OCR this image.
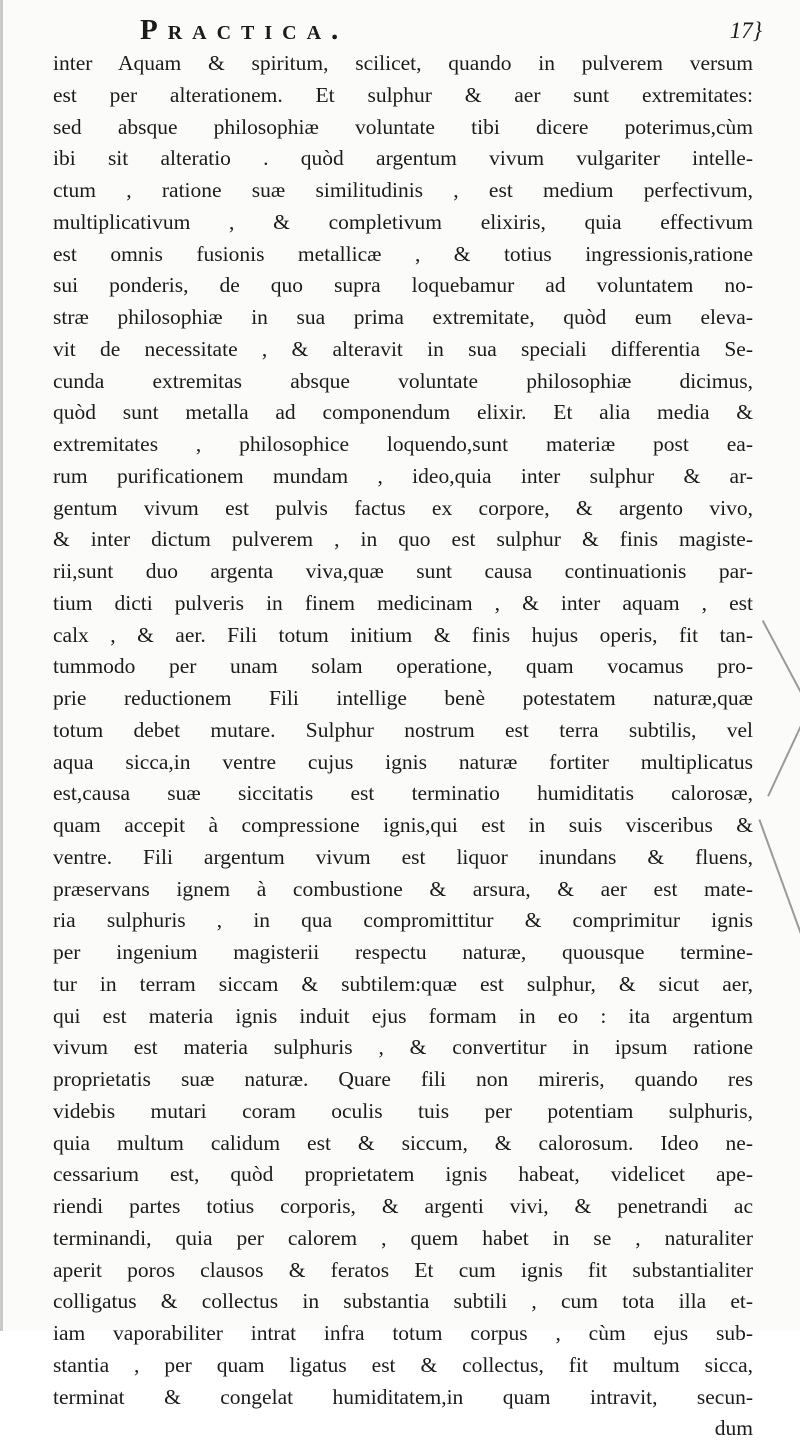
Practica.	17}
inter Aquam & spiritum, scilicet, quando in pulverem versum
est per alterationem. Et sulphur & aer sunt extremitates:
sed absque philosophiæ voluntate tibi dicere poterimus,cùm
ibi sit alteratio . quòd argentum vivum vulgariter intelle-
ctum , ratione suæ similitudinis , est medium perfectivum,
multiplicativum , & completivum elixiris, quia effectivum
est omnis fusionis metallicæ , & totius ingressionis,ratione
sui ponderis, de quo supra loquebamur ad voluntatem no-
stræ philosophiæ in sua prima extremitate, quòd eum eleva-
vit de necessitate , & alteravit in sua speciali differentia Se-
cunda extremitas absque voluntate philosophiæ dicimus,
quòd sunt metalla ad componendum elixir. Et alia media &
extremitates , philosophice loquendo,sunt materiæ post ea-
rum purificationem mundam , ideo,quia inter sulphur & ar-
gentum vivum est pulvis factus ex corpore, & argento vivo,
& inter dictum pulverem , in quo est sulphur & finis magiste-
rii,sunt duo argenta viva,quæ sunt causa continuationis par-
tium dicti pulveris in finem medicinam , & inter aquam , est
calx , & aer. Fili totum initium & finis hujus operis, fit tan-
tummodo per unam solam operatione, quam vocamus pro-
prie reductionem Fili intellige benè potestatem naturæ,quæ
totum debet mutare. Sulphur nostrum est terra subtilis, vel
aqua sicca,in ventre cujus ignis naturæ fortiter multiplicatus
est,causa suæ siccitatis est terminatio humiditatis calorosæ,
quam accepit à compressione ignis,qui est in suis visceribus &
ventre. Fili argentum vivum est liquor inundans & fluens,
præservans ignem à combustione & arsura, & aer est mate-
ria sulphuris , in qua compromittitur & comprimitur ignis
per ingenium magisterii respectu naturæ, quousque termine-
tur in terram siccam & subtilem:quæ est sulphur, & sicut aer,
qui est materia ignis induit ejus formam in eo : ita argentum
vivum est materia sulphuris , & convertitur in ipsum ratione
proprietatis suæ naturæ. Quare fili non mireris, quando res
videbis mutari coram oculis tuis per potentiam sulphuris,
quia multum calidum est & siccum, & calorosum. Ideo ne-
cessarium est, quòd proprietatem ignis habeat, videlicet ape-
riendi partes totius corporis, & argenti vivi, & penetrandi ac
terminandi, quia per calorem , quem habet in se , naturaliter
aperit poros clausos & feratos Et cum ignis fit substantialiter
colligatus & collectus in substantia subtili , cum tota illa et-
iam vaporabiliter intrat infra totum corpus , cùm ejus sub-
stantia , per quam ligatus est & collectus, fit multum sicca,
terminat & congelat humiditatem,in quam intravit, secun-
dum
